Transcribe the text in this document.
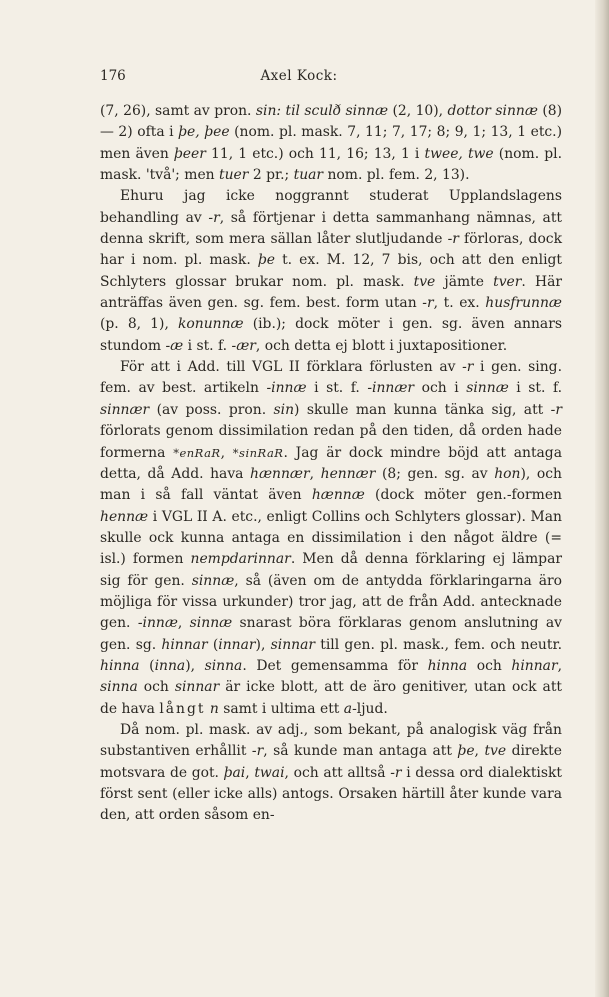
176	Axel Kock:

(7, 26), samt av pron. sin: til sculð sinnæ (2, 10), dottor sinnæ (8) — 2) ofta i þe, þee (nom. pl. mask. 7, 11; 7, 17; 8; 9, 1; 13, 1 etc.) men även þeer 11, 1 etc.) och 11, 16; 13, 1 i twee, twe (nom. pl. mask. 'två'; men tuer 2 pr.; tuar nom. pl. fem. 2, 13).

Ehuru jag icke noggrannt studerat Upplandslagens behandling av -r, så förtjenar i detta sammanhang nämnas, att denna skrift, som mera sällan låter slutljudande -r förloras, dock har i nom. pl. mask. þe t. ex. M. 12, 7 bis, och att den enligt Schlyters glossar brukar nom. pl. mask. tve jämte tver. Här anträffas även gen. sg. fem. best. form utan -r, t. ex. husfrunnæ (p. 8, 1), konunnæ (ib.); dock möter i gen. sg. även annars stundom -æ i st. f. -ær, och detta ej blott i juxtapositioner.

För att i Add. till VGL II förklara förlusten av -r i gen. sing. fem. av best. artikeln -innæ i st. f. -innær och i sinnæ i st. f. sinnær (av poss. pron. sin) skulle man kunna tänka sig, att -r förlorats genom dissimilation redan på den tiden, då orden hade formerna *enRaR, *sinRaR. Jag är dock mindre böjd att antaga detta, då Add. hava hænnær, hennær (8; gen. sg. av hon), och man i så fall väntat även hænnæ (dock möter gen.-formen hennæ i VGL II A. etc., enligt Collins och Schlyters glossar). Man skulle ock kunna antaga en dissimilation i den något äldre (= isl.) formen nempdarinnar. Men då denna förklaring ej lämpar sig för gen. sinnæ, så (även om de antydda förklaringarna äro möjliga för vissa urkunder) tror jag, att de från Add. antecknade gen. -innæ, sinnæ snarast böra förklaras genom anslutning av gen. sg. hinnar (innar), sinnar till gen. pl. mask., fem. och neutr. hinna (inna), sinna. Det gemensamma för hinna och hinnar, sinna och sinnar är icke blott, att de äro genitiver, utan ock att de hava långt n samt i ultima ett a-ljud.

Då nom. pl. mask. av adj., som bekant, på analogisk väg från substantiven erhållit -r, så kunde man antaga att þe, tve direkte motsvara de got. þai, twai, och att alltså -r i dessa ord dialektiskt först sent (eller icke alls) antogs. Orsaken härtill åter kunde vara den, att orden såsom en-
